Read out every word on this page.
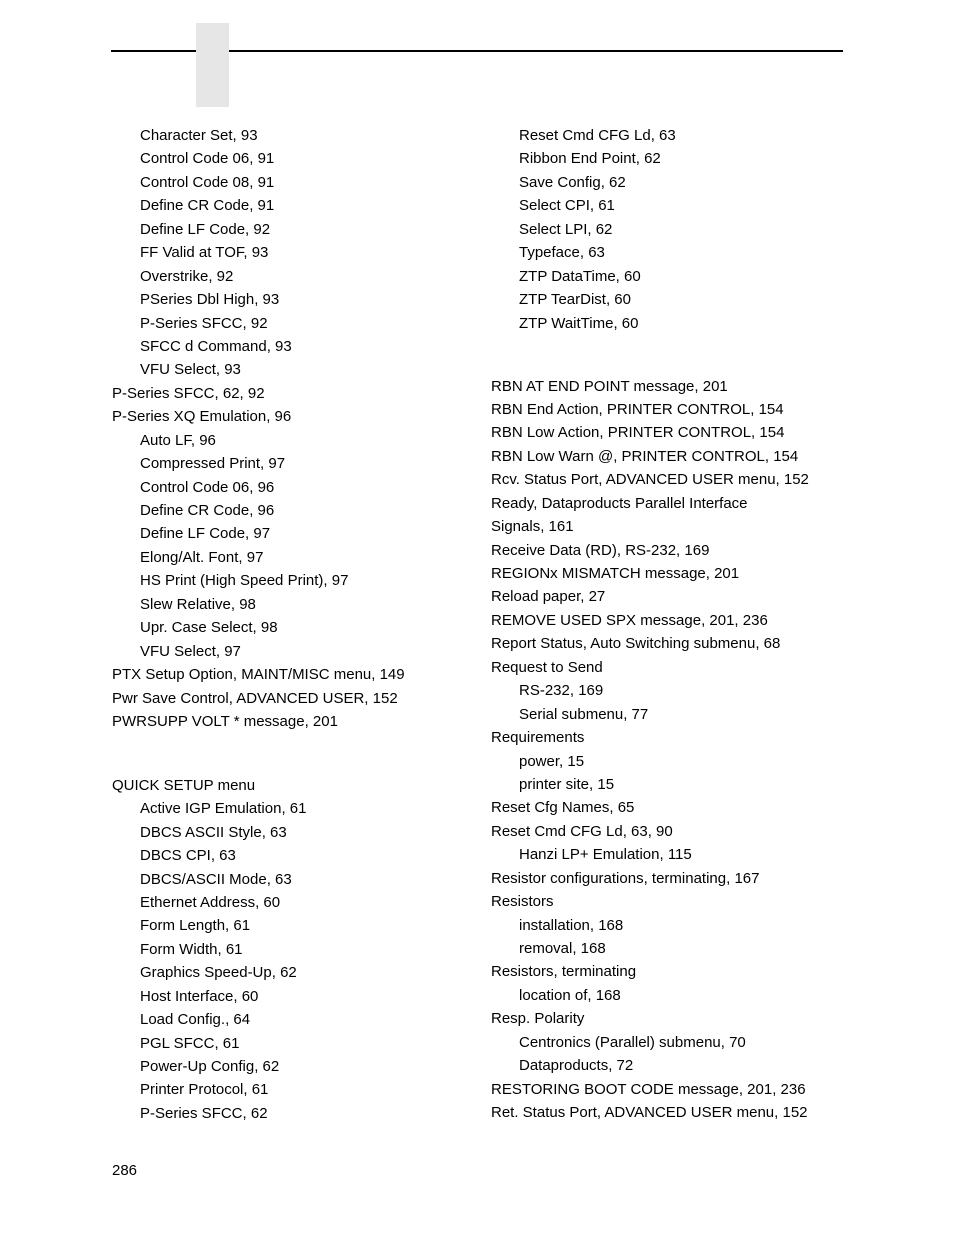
Character Set, 93
Control Code 06, 91
Control Code 08, 91
Define CR Code, 91
Define LF Code, 92
FF Valid at TOF, 93
Overstrike, 92
PSeries Dbl High, 93
P-Series SFCC, 92
SFCC d Command, 93
VFU Select, 93
P-Series SFCC, 62, 92
P-Series XQ Emulation, 96
Auto LF, 96
Compressed Print, 97
Control Code 06, 96
Define CR Code, 96
Define LF Code, 97
Elong/Alt. Font, 97
HS Print (High Speed Print), 97
Slew Relative, 98
Upr. Case Select, 98
VFU Select, 97
PTX Setup Option, MAINT/MISC menu, 149
Pwr Save Control, ADVANCED USER, 152
PWRSUPP VOLT * message, 201
QUICK SETUP menu
Active IGP Emulation, 61
DBCS ASCII Style, 63
DBCS CPI, 63
DBCS/ASCII Mode, 63
Ethernet Address, 60
Form Length, 61
Form Width, 61
Graphics Speed-Up, 62
Host Interface, 60
Load Config., 64
PGL SFCC, 61
Power-Up Config, 62
Printer Protocol, 61
P-Series SFCC, 62
Reset Cmd CFG Ld, 63
Ribbon End Point, 62
Save Config, 62
Select CPI, 61
Select LPI, 62
Typeface, 63
ZTP DataTime, 60
ZTP TearDist, 60
ZTP WaitTime, 60
RBN AT END POINT message, 201
RBN End Action, PRINTER CONTROL, 154
RBN Low Action, PRINTER CONTROL, 154
RBN Low Warn @, PRINTER CONTROL, 154
Rcv. Status Port, ADVANCED USER menu, 152
Ready, Dataproducts Parallel Interface
Signals, 161
Receive Data (RD), RS-232, 169
REGIONx MISMATCH message, 201
Reload paper, 27
REMOVE USED SPX message, 201, 236
Report Status, Auto Switching submenu, 68
Request to Send
RS-232, 169
Serial submenu, 77
Requirements
power, 15
printer site, 15
Reset Cfg Names, 65
Reset Cmd CFG Ld, 63, 90
Hanzi LP+ Emulation, 115
Resistor configurations, terminating, 167
Resistors
installation, 168
removal, 168
Resistors, terminating
location of, 168
Resp. Polarity
Centronics (Parallel) submenu, 70
Dataproducts, 72
RESTORING BOOT CODE message, 201, 236
Ret. Status Port, ADVANCED USER menu, 152
286
